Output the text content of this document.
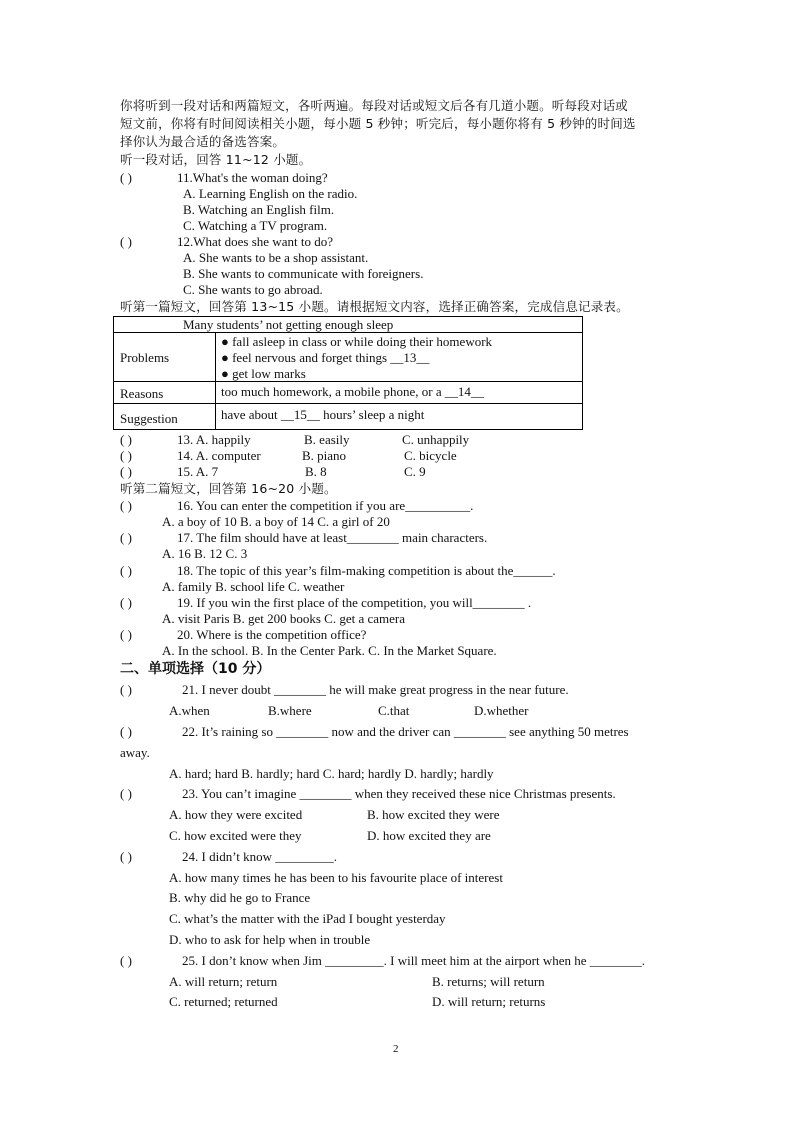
你将听到一段对话和两篇短文，各听两遍。每段对话或短文后各有几道小题。听每段对话或
短文前，你将有时间阅读相关小题，每小题 5 秒钟；听完后，每小题你将有 5 秒钟的时间选
择你认为最合适的备选答案。
听一段对话，回答 11~12 小题。
( )	11.What's the woman doing?
A. Learning English on the radio.
B. Watching an English film.
C. Watching a TV program.
( )	12.What does she want to do?
A. She wants to be a shop assistant.
B. She wants to communicate with foreigners.
C. She wants to go abroad.
听第一篇短文，回答第 13~15 小题。请根据短文内容，选择正确答案，完成信息记录表。
Many students’ not getting enough sleep
Problems
● fall asleep in class or while doing their homework
● feel nervous and forget things __13__
● get low marks
Reasons	too much homework, a mobile phone, or a __14__
Suggestion	have about __15__ hours’ sleep a night
( )	13. A. happily	B. easily	C. unhappily
( )	14. A. computer	B. piano	C. bicycle
( )	15. A. 7	B. 8	C. 9
听第二篇短文，回答第 16~20 小题。
( )	16. You can enter the competition if you are__________.
A. a boy of 10 B. a boy of 14 C. a girl of 20
( )	17. The film should have at least________ main characters.
A. 16 B. 12 C. 3
( )	18. The topic of this year’s film-making competition is about the______.
A. family B. school life C. weather
( )	19. If you win the first place of the competition, you will________ .
A. visit Paris B. get 200 books C. get a camera
( )	20. Where is the competition office?
A. In the school. B. In the Center Park. C. In the Market Square.
二、单项选择（10 分）
( )	21. I never doubt ________ he will make great progress in the near future.
A.when	B.where	C.that	D.whether
( )	22. It’s raining so ________ now and the driver can ________ see anything 50 metres
away.
A. hard; hard B. hardly; hard C. hard; hardly D. hardly; hardly
( )	23. You can’t imagine ________ when they received these nice Christmas presents.
A. how they were excited	B. how excited they were
C. how excited were they	D. how excited they are
( )	24. I didn’t know _________.
A. how many times he has been to his favourite place of interest
B. why did he go to France
C. what’s the matter with the iPad I bought yesterday
D. who to ask for help when in trouble
( )	25. I don’t know when Jim _________. I will meet him at the airport when he ________.
A. will return; return	B. returns; will return
C. returned; returned	D. will return; returns
2
